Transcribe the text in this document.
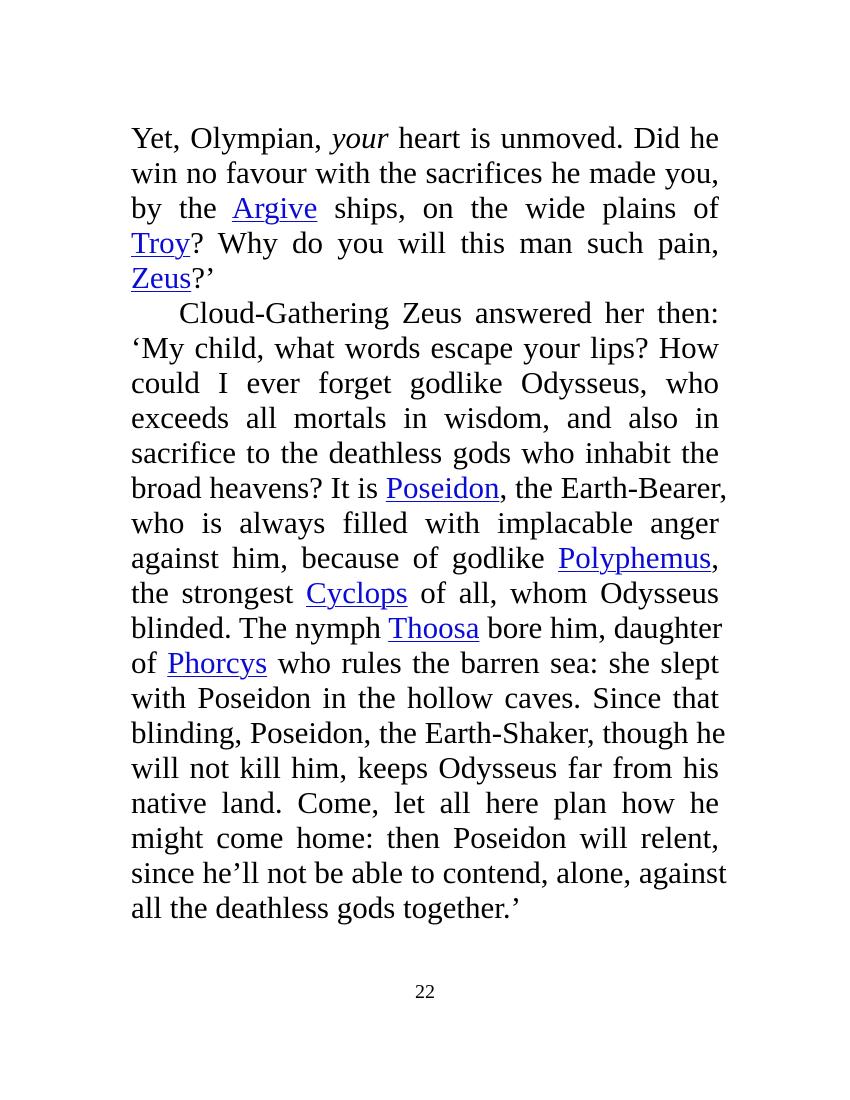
Yet, Olympian, your heart is unmoved. Did he
win no favour with the sacrifices he made you,
by the Argive ships, on the wide plains of
Troy? Why do you will this man such pain,
Zeus?’

Cloud-Gathering Zeus answered her then:
‘My child, what words escape your lips? How
could I ever forget godlike Odysseus, who
exceeds all mortals in wisdom, and also in
sacrifice to the deathless gods who inhabit the
broad heavens? It is Poseidon, the Earth-Bearer,
who is always filled with implacable anger
against him, because of godlike Polyphemus,
the strongest Cyclops of all, whom Odysseus
blinded. The nymph Thoosa bore him, daughter
of Phorcys who rules the barren sea: she slept
with Poseidon in the hollow caves. Since that
blinding, Poseidon, the Earth-Shaker, though he
will not kill him, keeps Odysseus far from his
native land. Come, let all here plan how he
might come home: then Poseidon will relent,
since he’ll not be able to contend, alone, against
all the deathless gods together.’

22
